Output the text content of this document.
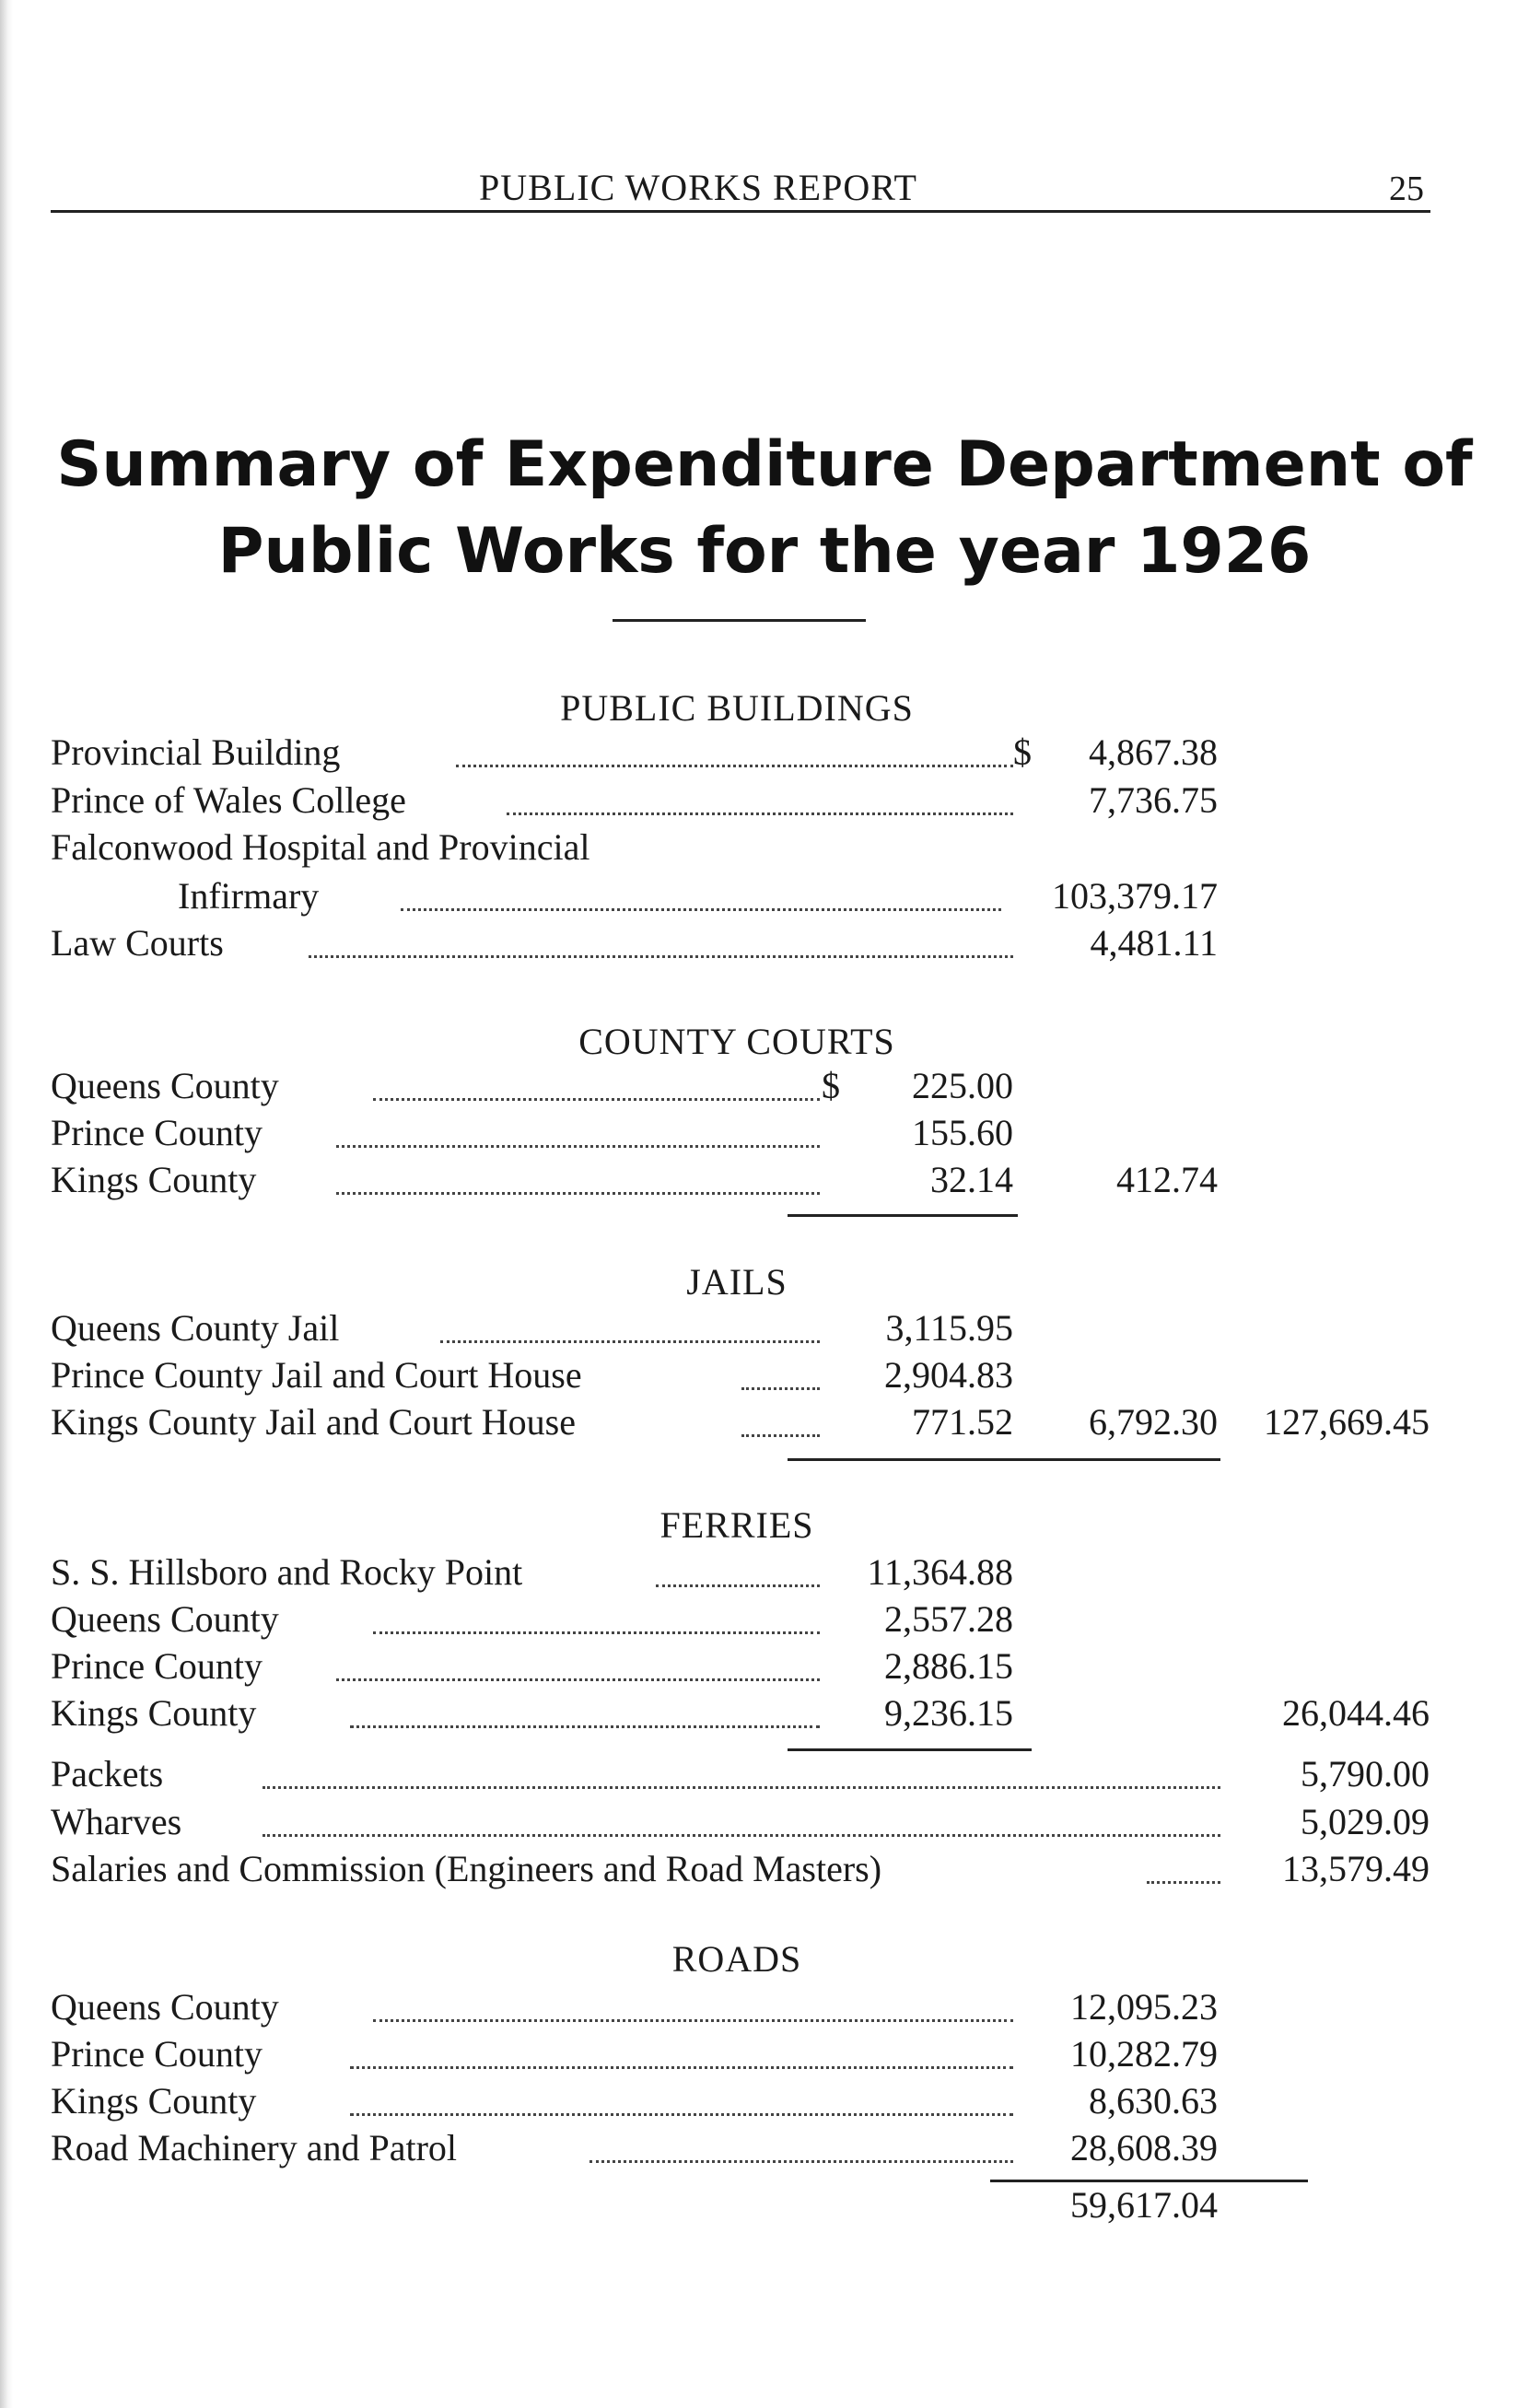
PUBLIC WORKS REPORT	25
Summary of Expenditure Department of
Public Works for the year 1926
PUBLIC BUILDINGS
Provincial Building	$	4,867.38
Prince of Wales College	7,736.75
Falconwood Hospital and Provincial
Infirmary	103,379.17
Law Courts	4,481.11
COUNTY COURTS
Queens County	$	225.00
Prince County	155.60
Kings County	32.14	412.74
JAILS
Queens County Jail	3,115.95
Prince County Jail and Court House	2,904.83
Kings County Jail and Court House	771.52	6,792.30	127,669.45
FERRIES
S. S. Hillsboro and Rocky Point	11,364.88
Queens County	2,557.28
Prince County	2,886.15
Kings County	9,236.15	26,044.46
Packets	5,790.00
Wharves	5,029.09
Salaries and Commission (Engineers and Road Masters)	13,579.49
ROADS
Queens County	12,095.23
Prince County	10,282.79
Kings County	8,630.63
Road Machinery and Patrol	28,608.39
59,617.04
